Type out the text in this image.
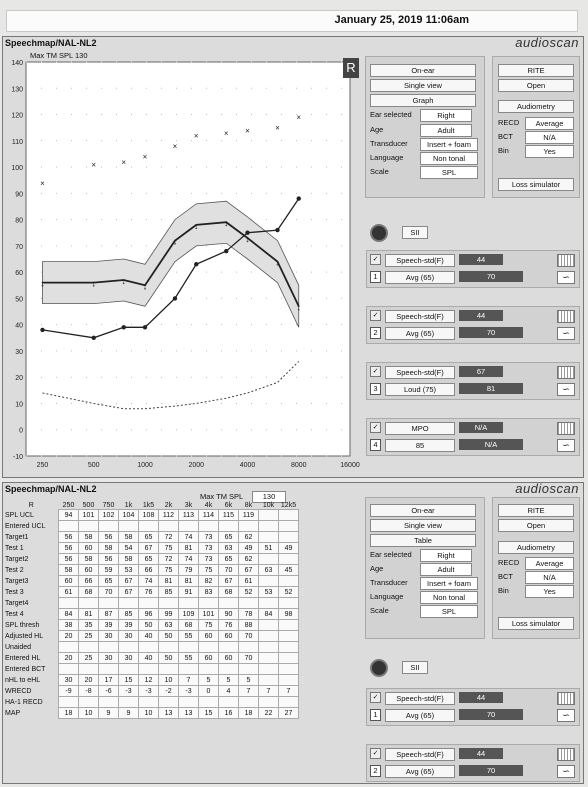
January 25, 2019 11:06am
Speechmap/NAL-NL2	audioscan
140
130
120
110
100
90
80
70
60
50
40
30
20
10
0
-10
250	500	1000	2000	4000	8000	16000
↕	↕	↕
↕
↕
↕	↕
↕
↕
↕
×
×	×
×
×
×	× ×	×
×
Max TM SPL 130
R	On-ear
Single view
Graph
Ear selected	Right
Age	Adult
Transducer	Insert + foam
Language	Non tonal
Scale	SPL
RITE
Open
Audiometry
RECD	Average
BCT	N/A
Bin	Yes
Loss simulator
SII
✓
1
Speech-std(F)
Avg (65)
44
70	∽
✓
2
Speech-std(F)
Avg (65)
44
70	∽
✓
3
Speech-std(F)
Loud (75)
67
81	∽
✓
4
MPO
85
N/A
N/A	∽
Speechmap/NAL-NL2	audioscan
Max TM SPL	130
R	250	500	750	1k	1k5	2k	3k	4k	6k	8k	10k	12k5
SPL UCL	94	101	102	104	108	112	113	114	115	119		
Entered UCL												
Target1	56	58	56	58	65	72	74	73	65	62		
Test 1	56	60	58	54	67	75	81	73	63	49	51	49
Target2	56	58	56	58	65	72	74	73	65	62		
Test 2	58	60	59	53	66	75	79	75	70	67	63	45
Target3	60	66	65	67	74	81	81	82	67	61		
Test 3	61	68	70	67	76	85	91	83	68	52	53	52
Target4												
Test 4	84	81	87	85	96	99	109	101	90	78	84	98
SPL thresh	38	35	39	39	50	63	68	75	76	88		
Adjusted HL	20	25	30	30	40	50	55	60	60	70		
Unaided												
Entered HL	20	25	30	30	40	50	55	60	60	70		
Entered BCT												
nHL to eHL	30	20	17	15	12	10	7	5	5	5		
WRECD	-9	-8	-6	-3	-3	-2	-3	0	4	7	7	7
HA-1 RECD												
MAP	18	10	9	9	10	13	13	15	16	18	22	27
On-ear
Single view
Table
Ear selected	Right
Age	Adult
Transducer	Insert + foam
Language	Non tonal
Scale	SPL
RITE
Open
Audiometry
RECD	Average
BCT	N/A
Bin	Yes
Loss simulator
SII
✓
1
Speech-std(F)
Avg (65)
44
70	∽
✓
2
Speech-std(F)
Avg (65)
44
70	∽
